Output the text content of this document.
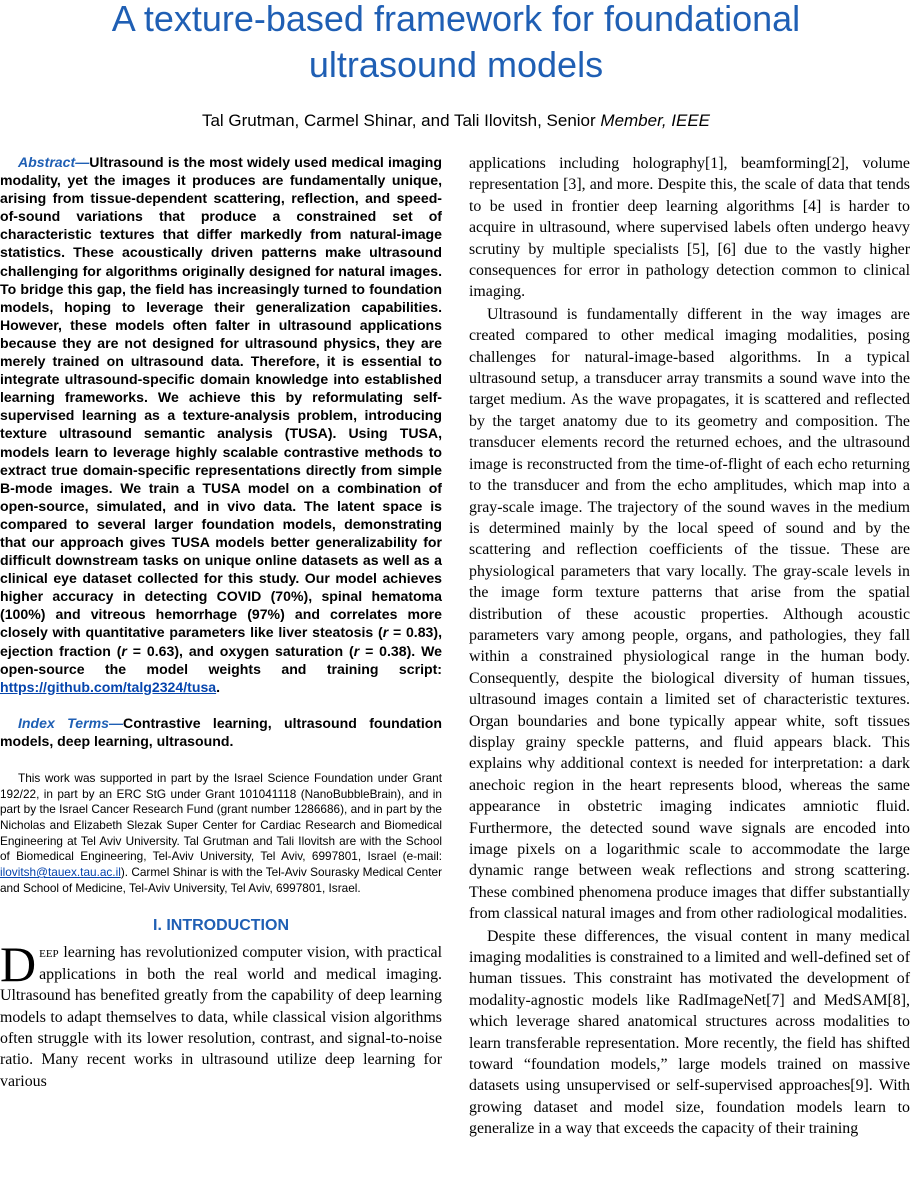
A texture-based framework for foundational
ultrasound models
Tal Grutman, Carmel Shinar, and Tali Ilovitsh, Senior Member, IEEE

Abstract—Ultrasound is the most widely used medical imaging modality, yet the images it produces are fundamentally unique, arising from tissue-dependent scattering, reflection, and speed-of-sound variations that produce a constrained set of characteristic textures that differ markedly from natural-image statistics. These acoustically driven patterns make ultrasound challenging for algorithms originally designed for natural images. To bridge this gap, the field has increasingly turned to foundation models, hoping to leverage their generalization capabilities. However, these models often falter in ultrasound applications because they are not designed for ultrasound physics, they are merely trained on ultrasound data. Therefore, it is essential to integrate ultrasound-specific domain knowledge into established learning frameworks. We achieve this by reformulating self-supervised learning as a texture-analysis problem, introducing texture ultrasound semantic analysis (TUSA). Using TUSA, models learn to leverage highly scalable contrastive methods to extract true domain-specific representations directly from simple B-mode images. We train a TUSA model on a combination of open-source, simulated, and in vivo data. The latent space is compared to several larger foundation models, demonstrating that our approach gives TUSA models better generalizability for difficult downstream tasks on unique online datasets as well as a clinical eye dataset collected for this study. Our model achieves higher accuracy in detecting COVID (70%), spinal hematoma (100%) and vitreous hemorrhage (97%) and correlates more closely with quantitative parameters like liver steatosis (r = 0.83), ejection fraction (r = 0.63), and oxygen saturation (r = 0.38). We open-source the model weights and training script: https://github.com/talg2324/tusa.

Index Terms—Contrastive learning, ultrasound foundation models, deep learning, ultrasound.

This work was supported in part by the Israel Science Foundation under Grant 192/22, in part by an ERC StG under Grant 101041118 (NanoBubbleBrain), and in part by the Israel Cancer Research Fund (grant number 1286686), and in part by the Nicholas and Elizabeth Slezak Super Center for Cardiac Research and Biomedical Engineering at Tel Aviv University. Tal Grutman and Tali Ilovitsh are with the School of Biomedical Engineering, Tel-Aviv University, Tel Aviv, 6997801, Israel (e-mail: ilovitsh@tauex.tau.ac.il). Carmel Shinar is with the Tel-Aviv Sourasky Medical Center and School of Medicine, Tel-Aviv University, Tel Aviv, 6997801, Israel.

I. INTRODUCTION

Deep learning has revolutionized computer vision, with practical applications in both the real world and medical imaging. Ultrasound has benefited greatly from the capability of deep learning models to adapt themselves to data, while classical vision algorithms often struggle with its lower resolution, contrast, and signal-to-noise ratio. Many recent works in ultrasound utilize deep learning for various

applications including holography[1], beamforming[2], volume representation [3], and more. Despite this, the scale of data that tends to be used in frontier deep learning algorithms [4] is harder to acquire in ultrasound, where supervised labels often undergo heavy scrutiny by multiple specialists [5], [6] due to the vastly higher consequences for error in pathology detection common to clinical imaging.

Ultrasound is fundamentally different in the way images are created compared to other medical imaging modalities, posing challenges for natural-image-based algorithms. In a typical ultrasound setup, a transducer array transmits a sound wave into the target medium. As the wave propagates, it is scattered and reflected by the target anatomy due to its geometry and composition. The transducer elements record the returned echoes, and the ultrasound image is reconstructed from the time-of-flight of each echo returning to the transducer and from the echo amplitudes, which map into a gray-scale image. The trajectory of the sound waves in the medium is determined mainly by the local speed of sound and by the scattering and reflection coefficients of the tissue. These are physiological parameters that vary locally. The gray-scale levels in the image form texture patterns that arise from the spatial distribution of these acoustic properties. Although acoustic parameters vary among people, organs, and pathologies, they fall within a constrained physiological range in the human body. Consequently, despite the biological diversity of human tissues, ultrasound images contain a limited set of characteristic textures. Organ boundaries and bone typically appear white, soft tissues display grainy speckle patterns, and fluid appears black. This explains why additional context is needed for interpretation: a dark anechoic region in the heart represents blood, whereas the same appearance in obstetric imaging indicates amniotic fluid. Furthermore, the detected sound wave signals are encoded into image pixels on a logarithmic scale to accommodate the large dynamic range between weak reflections and strong scattering. These combined phenomena produce images that differ substantially from classical natural images and from other radiological modalities.

Despite these differences, the visual content in many medical imaging modalities is constrained to a limited and well-defined set of human tissues. This constraint has motivated the development of modality-agnostic models like RadImageNet[7] and MedSAM[8], which leverage shared anatomical structures across modalities to learn transferable representation. More recently, the field has shifted toward “foundation models,” large models trained on massive datasets using unsupervised or self-supervised approaches[9]. With growing dataset and model size, foundation models learn to generalize in a way that exceeds the capacity of their training
